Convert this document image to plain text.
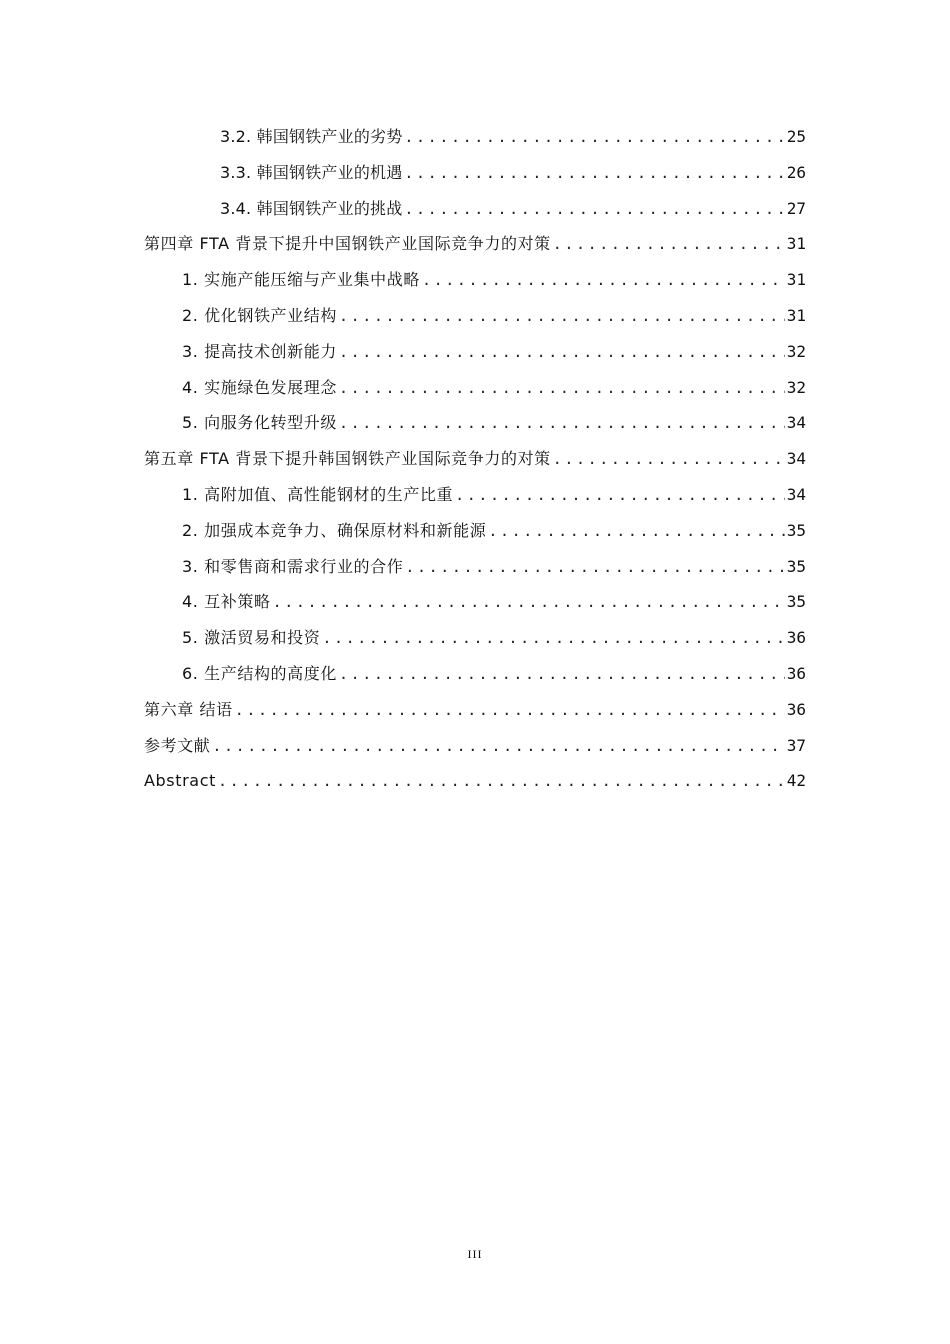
3.2. 韩国钢铁产业的劣势 .....	25
3.3. 韩国钢铁产业的机遇 .....	26
3.4. 韩国钢铁产业的挑战 .....	27
第四章 FTA 背景下提升中国钢铁产业国际竞争力的对策 .....	31
1. 实施产能压缩与产业集中战略 .....	31
2. 优化钢铁产业结构 .....	31
3. 提高技术创新能力 .....	32
4. 实施绿色发展理念 .....	32
5. 向服务化转型升级 .....	34
第五章 FTA 背景下提升韩国钢铁产业国际竞争力的对策 .....	34
1. 高附加值、高性能钢材的生产比重 .....	34
2. 加强成本竞争力、确保原材料和新能源 .....	35
3. 和零售商和需求行业的合作 .....	35
4. 互补策略 .....	35
5. 激活贸易和投资 .....	36
6. 生产结构的高度化 .....	36
第六章 结语 .....	36
参考文献 .....	37
Abstract .....	42
III
